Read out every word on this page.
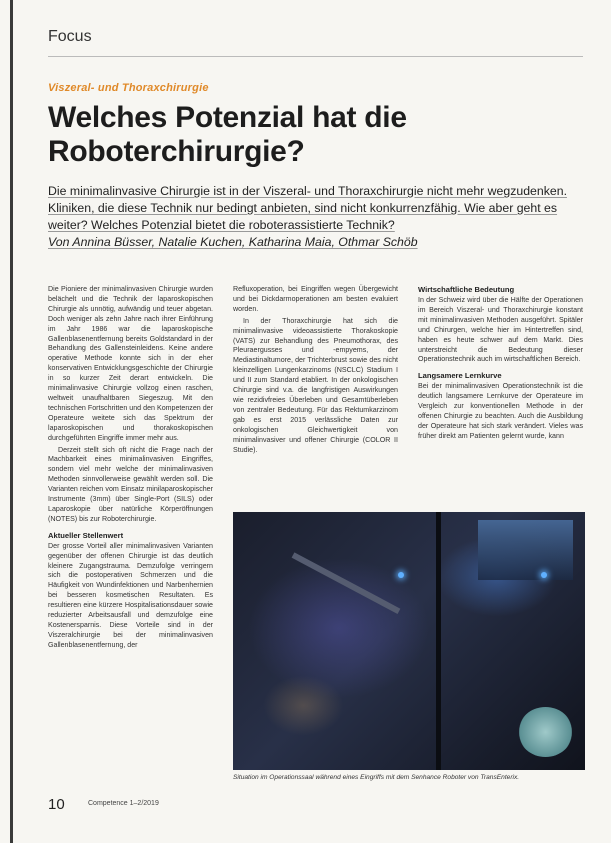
Focus
Viszeral- und Thoraxchirurgie
Welches Potenzial hat die Roboterchirurgie?

Die minimalinvasive Chirurgie ist in der Viszeral- und Thoraxchirurgie nicht mehr wegzudenken. Kliniken, die diese Technik nur bedingt anbieten, sind nicht konkurrenzfähig. Wie aber geht es weiter? Welches Potenzial bietet die roboterassistierte Technik?
Von Annina Büsser, Natalie Kuchen, Katharina Maia, Othmar Schöb

Die Pioniere der minimalinvasiven Chirurgie wurden belächelt und die Technik der laparoskopischen Chirurgie als unnötig, aufwändig und teuer abgetan. Doch weniger als zehn Jahre nach ihrer Einführung im Jahr 1986 war die laparoskopische Gallenblasenentfernung bereits Goldstandard in der Behandlung des Gallensteinleidens. Keine andere operative Methode konnte sich in der eher konservativen Entwicklungsgeschichte der Chirurgie in so kurzer Zeit derart entwickeln. Die minimalinvasive Chirurgie vollzog einen raschen, weltweit unaufhaltbaren Siegeszug. Mit den technischen Fortschritten und den Kompetenzen der Operateure weitete sich das Spektrum der laparoskopischen und thorakoskopischen durchgeführten Eingriffe immer mehr aus.

Derzeit stellt sich oft nicht die Frage nach der Machbarkeit eines minimalinvasiven Eingriffes, sondern viel mehr welche der minimalinvasiven Methoden sinnvollerweise gewählt werden soll. Die Varianten reichen vom Einsatz minilaparoskopischer Instrumente (3mm) über Single-Port (SILS) oder Laparoskopie über natürliche Körperöffnungen (NOTES) bis zur Roboterchirurgie.

Aktueller Stellenwert

Der grosse Vorteil aller minimalinvasiven Varianten gegenüber der offenen Chirurgie ist das deutlich kleinere Zugangstrauma. Demzufolge verringern sich die postoperativen Schmerzen und die Häufigkeit von Wundinfektionen und Narbenhernien bei besseren kosmetischen Resultaten. Es resultieren eine kürzere Hospitalisationsdauer sowie reduzierter Arbeitsausfall und demzufolge eine Kostenersparnis. Diese Vorteile sind in der Viszeralchirurgie bei der minimalinvasiven Gallenblasenentfernung, der

Refluxoperation, bei Eingriffen wegen Übergewicht und bei Dickdarmoperationen am besten evaluiert worden.

In der Thoraxchirurgie hat sich die minimalinvasive videoassistierte Thorakoskopie (VATS) zur Behandlung des Pneumothorax, des Pleuraergusses und -empyems, der Mediastinaltumore, der Trichterbrust sowie des nicht kleinzelligen Lungenkarzinoms (NSCLC) Stadium I und II zum Standard etabliert. In der onkologischen Chirurgie sind v.a. die langfristigen Auswirkungen wie rezidivfreies Überleben und Gesamtüberleben von zentraler Bedeutung. Für das Rektumkarzinom gab es erst 2015 verlässliche Daten zur onkologischen Gleichwertigkeit von minimalinvasiver und offener Chirurgie (COLOR II Studie).

Wirtschaftliche Bedeutung

In der Schweiz wird über die Hälfte der Operationen im Bereich Viszeral- und Thoraxchirurgie konstant mit minimalinvasiven Methoden ausgeführt. Spitäler und Chirurgen, welche hier im Hintertreffen sind, haben es heute schwer auf dem Markt. Dies unterstreicht die Bedeutung dieser Operationstechnik auch im wirtschaftlichen Bereich.

Langsamere Lernkurve

Bei der minimalinvasiven Operationstechnik ist die deutlich langsamere Lernkurve der Operateure im Vergleich zur konventionellen Methode in der offenen Chirurgie zu beachten. Auch die Ausbildung der Operateure hat sich stark verändert. Vieles was früher direkt am Patienten gelernt wurde, kann

Situation im Operationssaal während eines Eingriffs mit dem Senhance Roboter von TransEnterix.
10	Competence 1–2/2019
